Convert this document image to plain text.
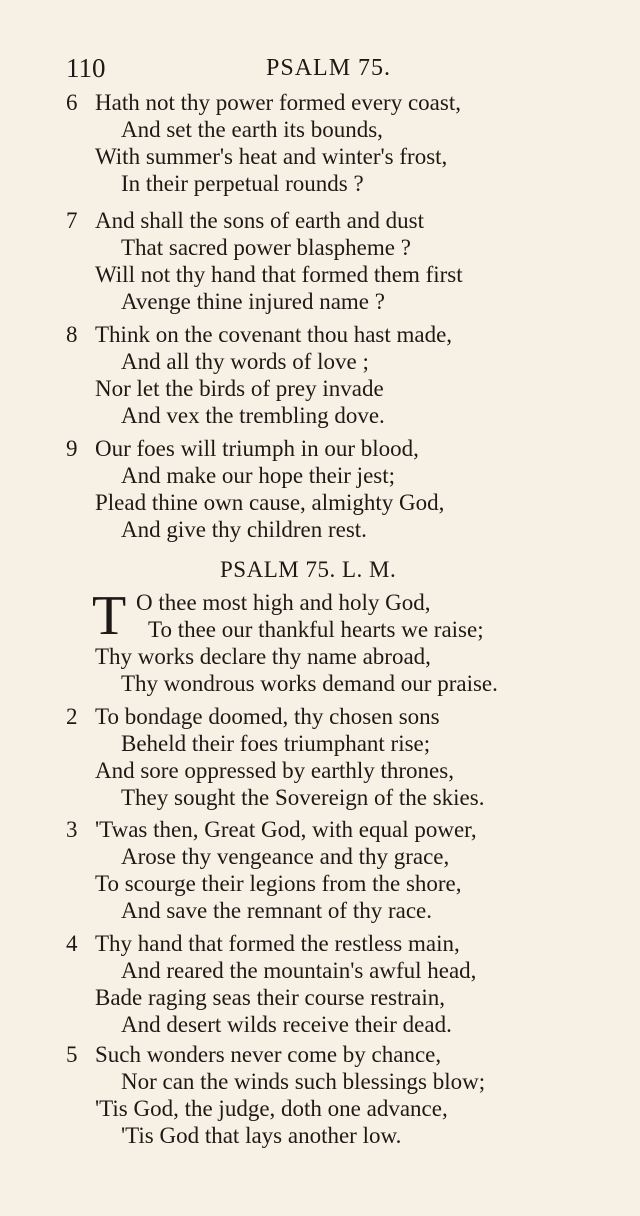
110	PSALM 75.
6 Hath not thy power formed every coast,
And set the earth its bounds,
With summer's heat and winter's frost,
In their perpetual rounds ?
7 And shall the sons of earth and dust
That sacred power blaspheme ?
Will not thy hand that formed them first
Avenge thine injured name ?
8 Think on the covenant thou hast made,
And all thy words of love ;
Nor let the birds of prey invade
And vex the trembling dove.
9 Our foes will triumph in our blood,
And make our hope their jest;
Plead thine own cause, almighty God,
And give thy children rest.
PSALM 75. L. M.
T O thee most high and holy God,
To thee our thankful hearts we raise;
Thy works declare thy name abroad,
Thy wondrous works demand our praise.
2 To bondage doomed, thy chosen sons
Beheld their foes triumphant rise;
And sore oppressed by earthly thrones,
They sought the Sovereign of the skies.
3 'Twas then, Great God, with equal power,
Arose thy vengeance and thy grace,
To scourge their legions from the shore,
And save the remnant of thy race.
4 Thy hand that formed the restless main,
And reared the mountain's awful head,
Bade raging seas their course restrain,
And desert wilds receive their dead.
5 Such wonders never come by chance,
Nor can the winds such blessings blow;
'Tis God, the judge, doth one advance,
'Tis God that lays another low.
